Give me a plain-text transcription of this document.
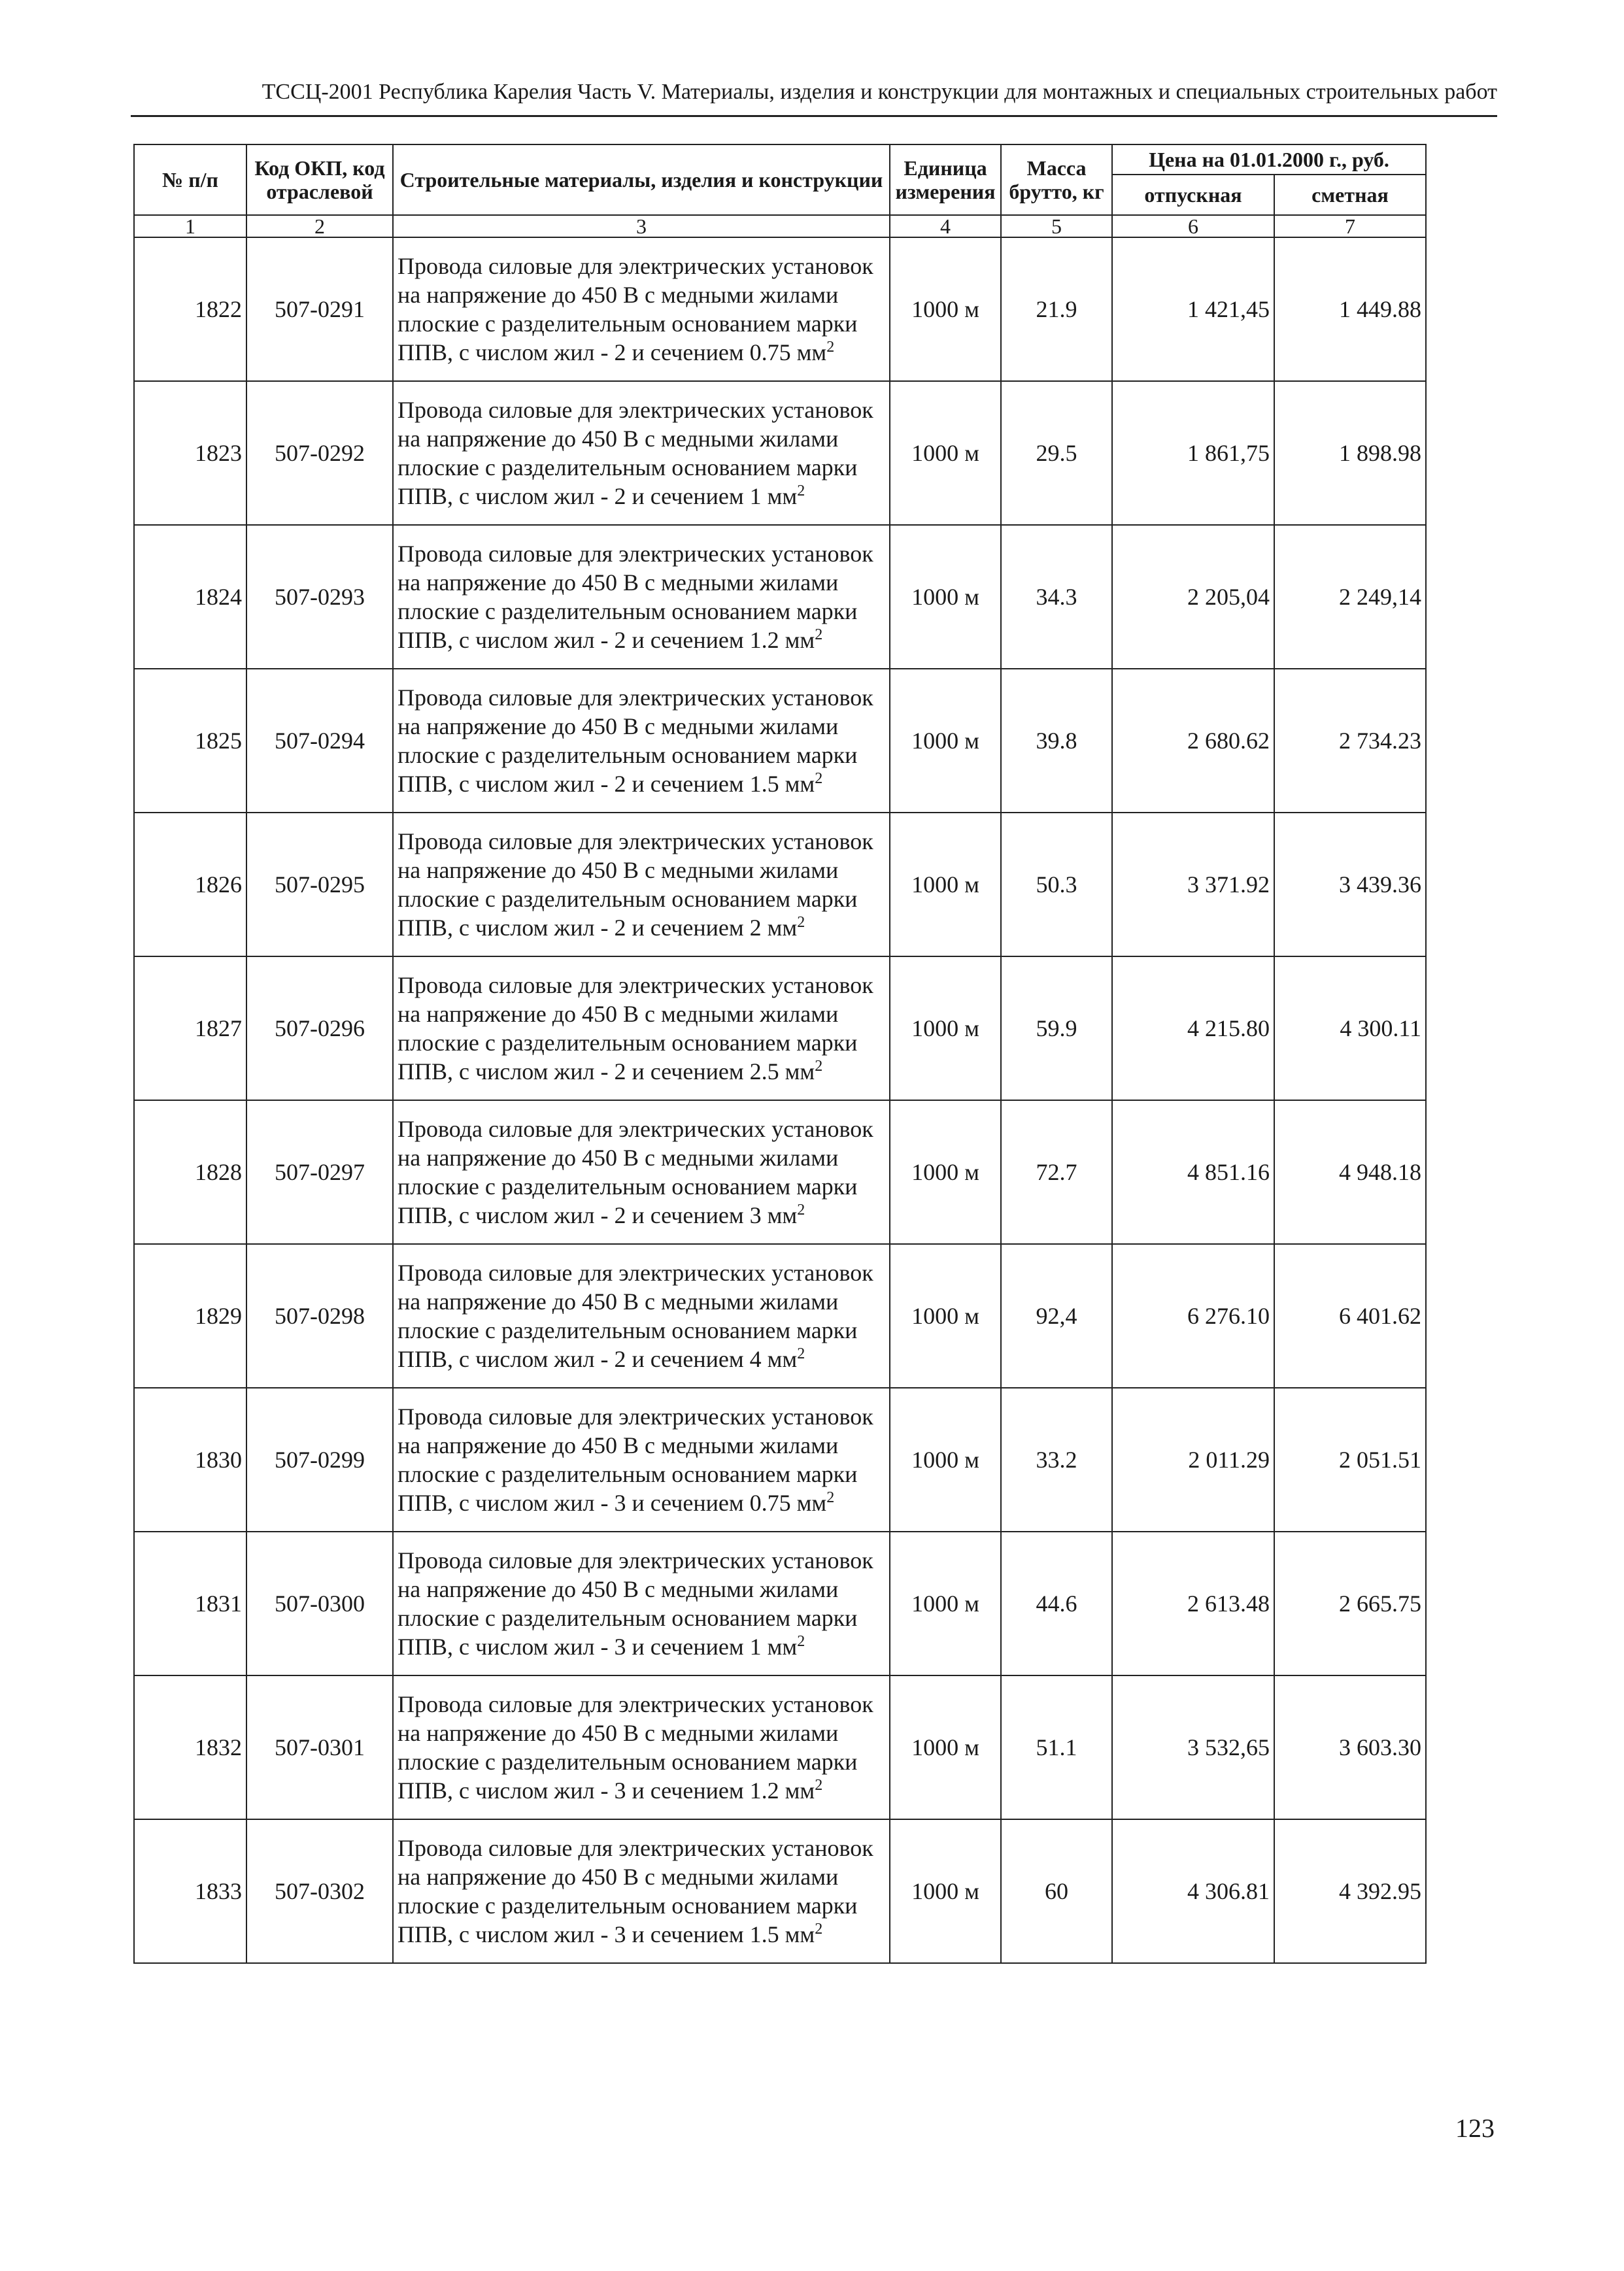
ТССЦ-2001 Республика Карелия Часть V. Материалы, изделия и конструкции для монтажных и специальных строительных работ
№ п/п	Код ОКП, код отраслевой	Строительные материалы, изделия и конструкции	Единица измерения	Масса брутто, кг	Цена на 01.01.2000 г., руб.	
					отпускная	сметная
1	2	3	4	5	6	7
1822	507-0291	Провода силовые для электрических установок на напряжение до 450 В с медными жилами плоские с разделительным основанием марки ППВ, с числом жил - 2 и сечением 0.75 $мм^2$	1000 м	21.9	1 421,45	1 449.88
1823	507-0292	Провода силовые для электрических установок на напряжение до 450 В с медными жилами плоские с разделительным основанием марки ППВ, с числом жил - 2 и сечением 1 $мм^2$	1000 м	29.5	1 861,75	1 898.98
1824	507-0293	Провода силовые для электрических установок на напряжение до 450 В с медными жилами плоские с разделительным основанием марки ППВ, с числом жил - 2 и сечением 1.2 $мм^2$	1000 м	34.3	2 205,04	2 249,14
1825	507-0294	Провода силовые для электрических установок на напряжение до 450 В с медными жилами плоские с разделительным основанием марки ППВ, с числом жил - 2 и сечением 1.5 $мм^2$	1000 м	39.8	2 680.62	2 734.23
1826	507-0295	Провода силовые для электрических установок на напряжение до 450 В с медными жилами плоские с разделительным основанием марки ППВ, с числом жил - 2 и сечением 2 $мм^2$	1000 м	50.3	3 371.92	3 439.36
1827	507-0296	Провода силовые для электрических установок на напряжение до 450 В с медными жилами плоские с разделительным основанием марки ППВ, с числом жил - 2 и сечением 2.5 $мм^2$	1000 м	59.9	4 215.80	4 300.11
1828	507-0297	Провода силовые для электрических установок на напряжение до 450 В с медными жилами плоские с разделительным основанием марки ППВ, с числом жил - 2 и сечением 3 $мм^2$	1000 м	72.7	4 851.16	4 948.18
1829	507-0298	Провода силовые для электрических установок на напряжение до 450 В с медными жилами плоские с разделительным основанием марки ППВ, с числом жил - 2 и сечением 4 $мм^2$	1000 м	92,4	6 276.10	6 401.62
1830	507-0299	Провода силовые для электрических установок на напряжение до 450 В с медными жилами плоские с разделительным основанием марки ППВ, с числом жил - 3 и сечением 0.75 $мм^2$	1000 м	33.2	2 011.29	2 051.51
1831	507-0300	Провода силовые для электрических установок на напряжение до 450 В с медными жилами плоские с разделительным основанием марки ППВ, с числом жил - 3 и сечением 1 $мм^2$	1000 м	44.6	2 613.48	2 665.75
1832	507-0301	Провода силовые для электрических установок на напряжение до 450 В с медными жилами плоские с разделительным основанием марки ППВ, с числом жил - 3 и сечением 1.2 $мм^2$	1000 м	51.1	3 532,65	3 603.30
1833	507-0302	Провода силовые для электрических установок на напряжение до 450 В с медными жилами плоские с разделительным основанием марки ППВ, с числом жил - 3 и сечением 1.5 $мм^2$	1000 м	60	4 306.81	4 392.95
123
